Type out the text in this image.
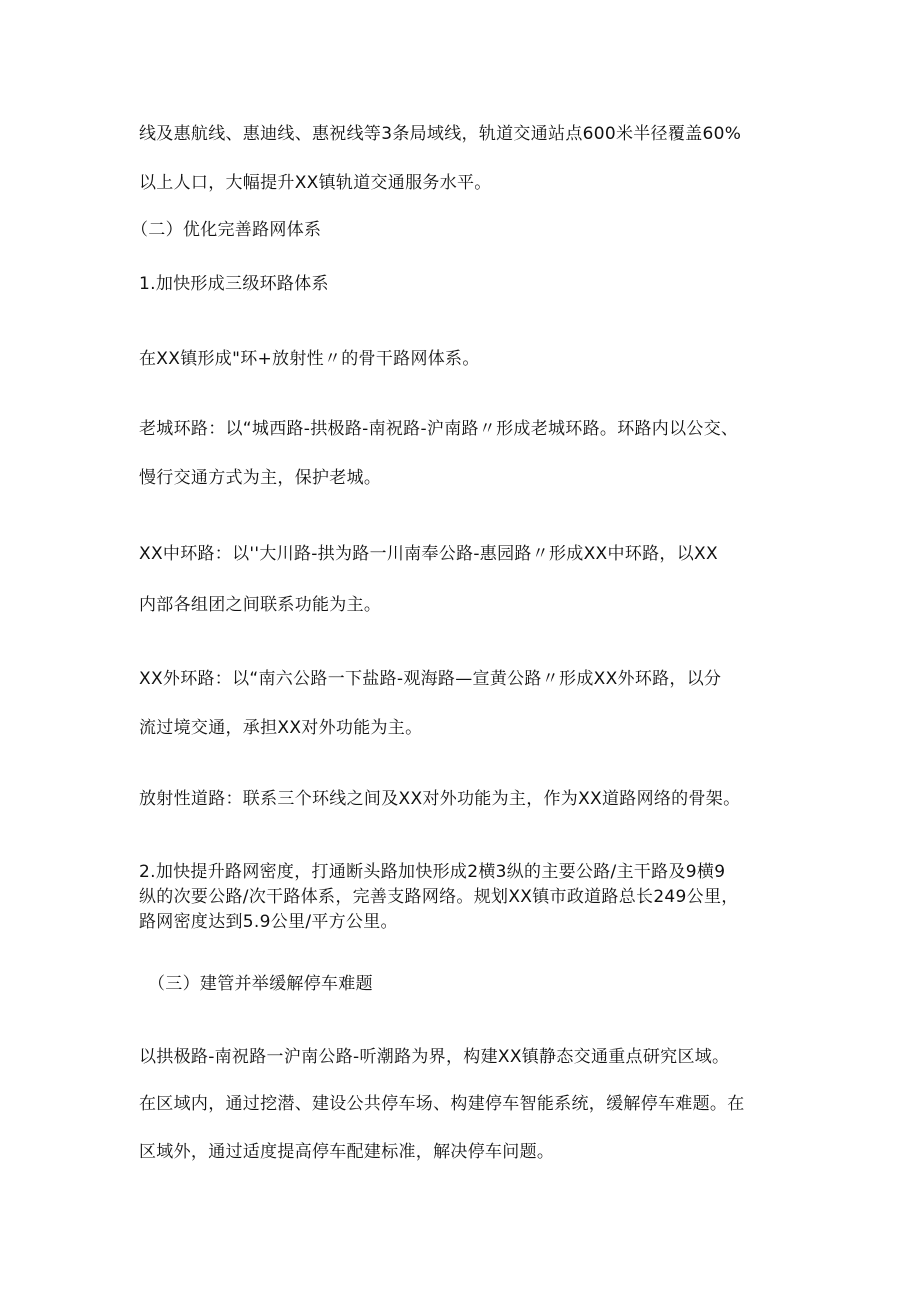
线及惠航线、惠迪线、惠祝线等3条局域线，轨道交通站点600米半径覆盖60%
以上人口，大幅提升XX镇轨道交通服务水平。
（二）优化完善路网体系
1.加快形成三级环路体系
在XX镇形成"环+放射性〃的骨干路网体系。
老城环路：以“城西路-拱极路-南祝路-沪南路〃形成老城环路。环路内以公交、
慢行交通方式为主，保护老城。
XX中环路：以''大川路-拱为路一川南奉公路-惠园路〃形成XX中环路，以XX
内部各组团之间联系功能为主。
XX外环路：以“南六公路一下盐路-观海路—宣黄公路〃形成XX外环路，以分
流过境交通，承担XX对外功能为主。
放射性道路：联系三个环线之间及XX对外功能为主，作为XX道路网络的骨架。
2.加快提升路网密度，打通断头路加快形成2横3纵的主要公路/主干路及9横9
纵的次要公路/次干路体系，完善支路网络。规划XX镇市政道路总长249公里，
路网密度达到5.9公里/平方公里。
（三）建管并举缓解停车难题
以拱极路-南祝路一沪南公路-听潮路为界，构建XX镇静态交通重点研究区域。
在区域内，通过挖潜、建设公共停车场、构建停车智能系统，缓解停车难题。在
区域外，通过适度提高停车配建标准，解决停车问题。
